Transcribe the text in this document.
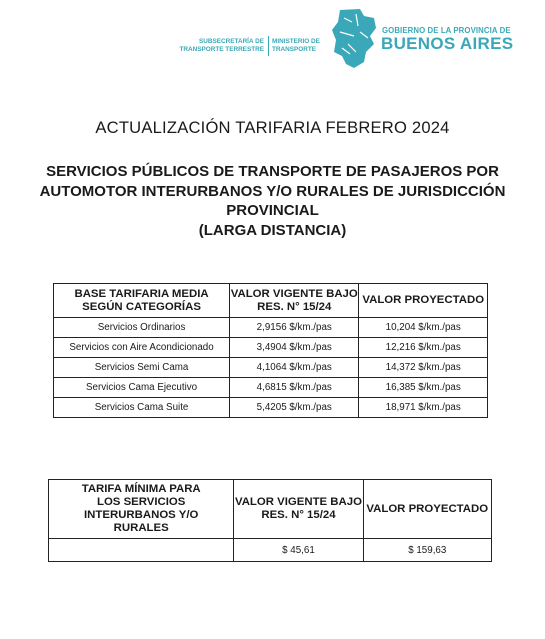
SUBSECRETARÍA DE TRANSPORTE TERRESTRE
MINISTERIO DE TRANSPORTE
GOBIERNO DE LA PROVINCIA DE
BUENOS AIRES
ACTUALIZACIÓN TARIFARIA FEBRERO 2024
SERVICIOS PÚBLICOS DE TRANSPORTE DE PASAJEROS POR
AUTOMOTOR INTERURBANOS Y/O RURALES DE JURISDICCIÓN
PROVINCIAL
(LARGA DISTANCIA)
BASE TARIFARIA MEDIA SEGÚN CATEGORÍAS	VALOR VIGENTE BAJO RES. N° 15/24	VALOR PROYECTADO
Servicios Ordinarios	2,9156 $/km./pas	10,204 $/km./pas
Servicios con Aire Acondicionado	3,4904 $/km./pas	12,216 $/km./pas
Servicios Semi Cama	4,1064 $/km./pas	14,372 $/km./pas
Servicios Cama Ejecutivo	4,6815 $/km./pas	16,385 $/km./pas
Servicios Cama Suite	5,4205 $/km./pas	18,971 $/km./pas
TARIFA MÍNIMA PARA LOS SERVICIOS INTERURBANOS Y/O RURALES	VALOR VIGENTE BAJO RES. N° 15/24	VALOR PROYECTADO
	$ 45,61	$ 159,63
